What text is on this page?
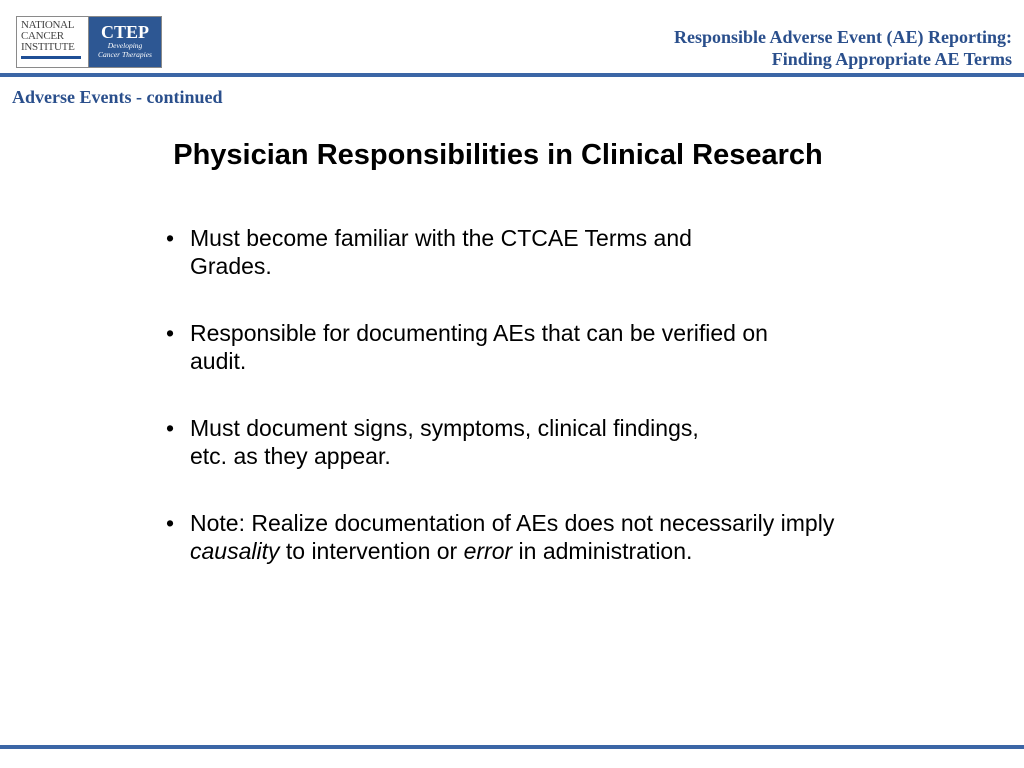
NATIONAL
CANCER
INSTITUTE
CTEP
Developing
Cancer Therapies
Responsible Adverse Event (AE) Reporting:
Finding Appropriate AE Terms
Adverse Events - continued
Physician Responsibilities in Clinical Research
• Must become familiar with the CTCAE Terms and Grades.
• Responsible for documenting AEs that can be verified on audit.
• Must document signs, symptoms, clinical findings, etc. as they appear.
• Note: Realize documentation of AEs does not necessarily imply causality to intervention or error in administration.
